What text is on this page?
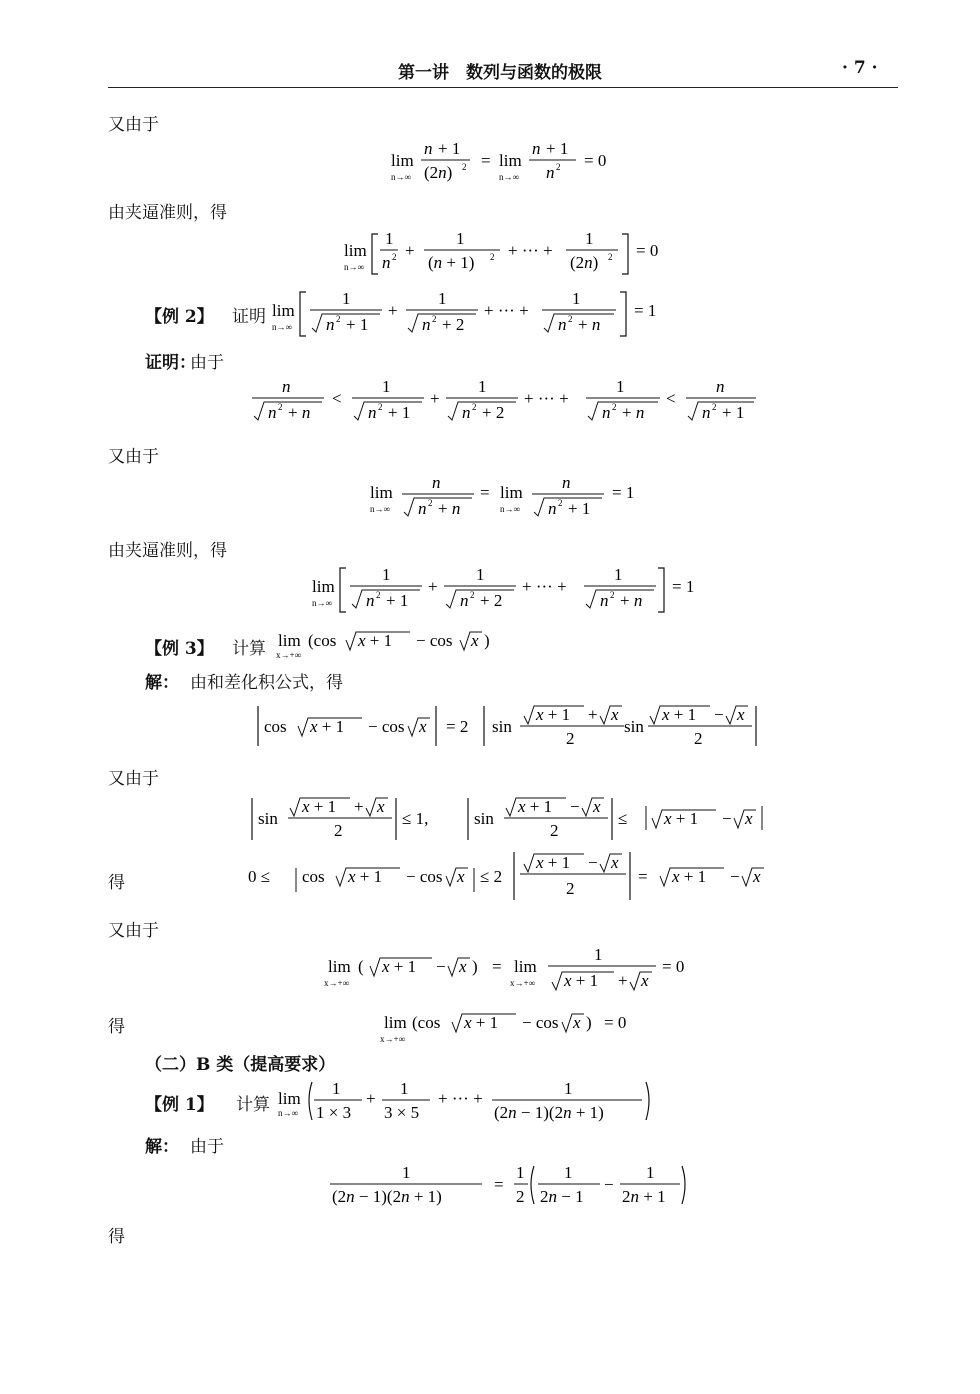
第一讲　数列与函数的极限	· 7 ·
又由于
lim
n→∞
n + 1
(2n) 2 = lim
n→∞
n + 1
n 2 = 0
由夹逼准则，得
lim
n→∞
1
n 2 +
1
(n + 1) 2 + ··· +
1
(2n) 2 = 0
【例 2】 证明 lim
n→∞
1
n 2 + 1
+
1
n 2 + 2
+ ··· +
1
n 2 + n
= 1
证明：
由于
n
n 2 + n
<
1
n 2 + 1
+
1
n 2 + 2
+ ··· +
1
n 2 + n
<
n
n 2 + 1
又由于
lim
n→∞
n
n 2 + n
= lim
n→∞
n
n 2 + 1
= 1
由夹逼准则，得
lim
n→∞
1
n 2 + 1
+
1
n 2 + 2
+ ··· +
1
n 2 + n
= 1
【例 3】 计算 lim
x→+∞
(cos x + 1 − cos x )
解： 由和差化积公式，得
cos x + 1 − cos x = 2 sin
x + 1 + x
2
sin
x + 1 − x
2
又由于
sin
x + 1 + x
2
≤ 1,	sin
x + 1 − x
2
≤ x + 1 − x
得	0 ≤ cos x + 1 − cos x ≤ 2
x + 1 − x
2
= x + 1 − x
又由于
lim
x→+∞
( x + 1 − x ) = lim
x→+∞
1
x + 1 + x
= 0
得	lim
x→+∞
(cos x + 1 − cos x ) = 0
（二）B 类（提高要求）
【例 1】 计算 lim
n→∞
1
1 × 3
+
1
3 × 5
+ ··· +
1
(2n − 1)(2n + 1)
解： 由于
1
(2n − 1)(2n + 1)
=
1
2
1
2n − 1
−
1
2n + 1
得
